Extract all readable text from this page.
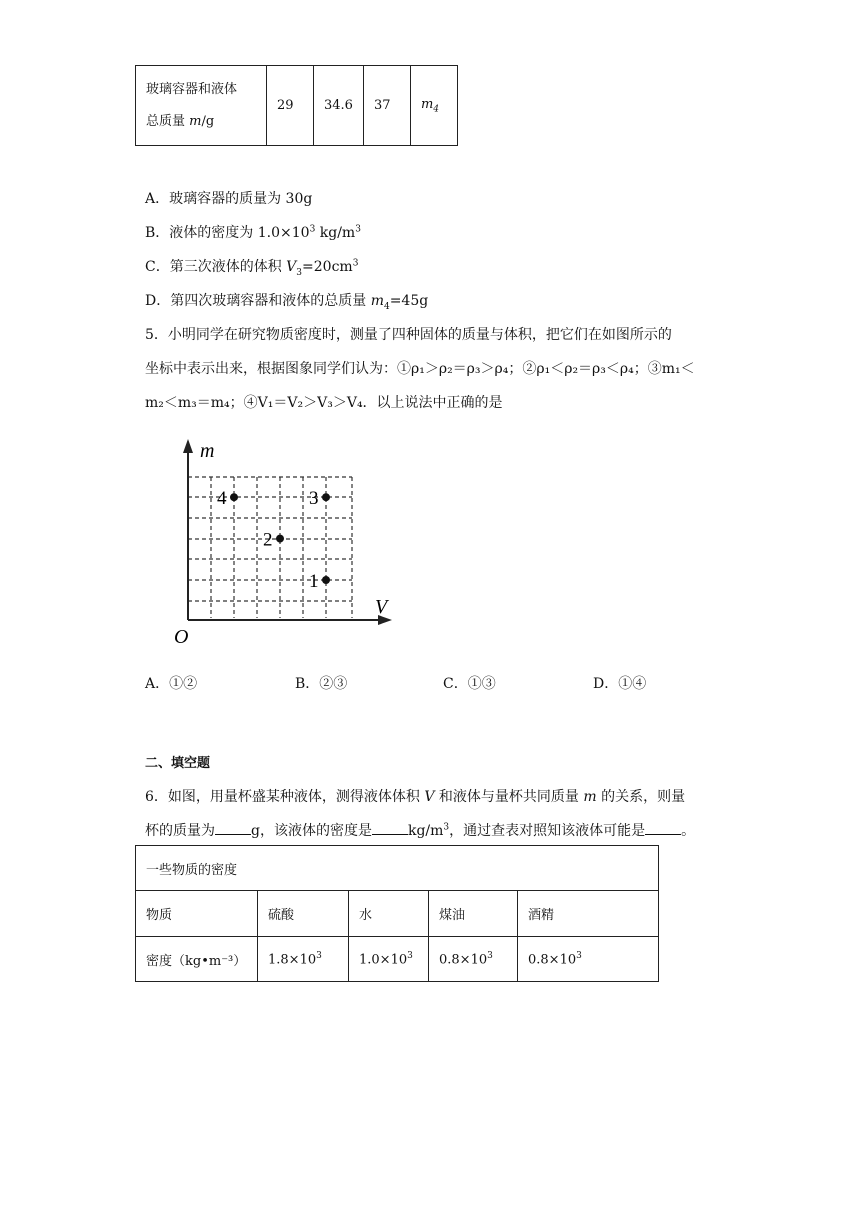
玻璃容器和液体
总质量 m/g	29	34.6	37	$m_4$
A．玻璃容器的质量为 30g
B．液体的密度为 $1.0\times 10^3$ $kg/m^3$
C．第三次液体的体积 $V_3=20cm^3$
D．第四次玻璃容器和液体的总质量 $m_4=45g$
5．小明同学在研究物质密度时，测量了四种固体的质量与体积，把它们在如图所示的
坐标中表示出来，根据图象同学们认为：①ρ₁＞ρ₂＝ρ₃＞ρ₄；②ρ₁＜ρ₂＝ρ₃＜ρ₄；③m₁＜
m₂＜m₃＝m₄；④V₁＝V₂＞V₃＞V₄．以上说法中正确的是
m
V
O
1
2
3
4
A．①②	B．②③	C．①③	D．①④
二、填空题
6．如图，用量杯盛某种液体，测得液体体积 V 和液体与量杯共同质量 m 的关系，则量
杯的质量为	g，该液体的密度是	$kg/m^3$，通过查表对照知该液体可能是	。
一些物质的密度				
物质	硫酸	水	煤油	酒精
密度（kg•m⁻³）	$1.8\times 10^3$	$1.0\times 10^3$	$0.8\times 10^3$	$0.8\times 10^3$
